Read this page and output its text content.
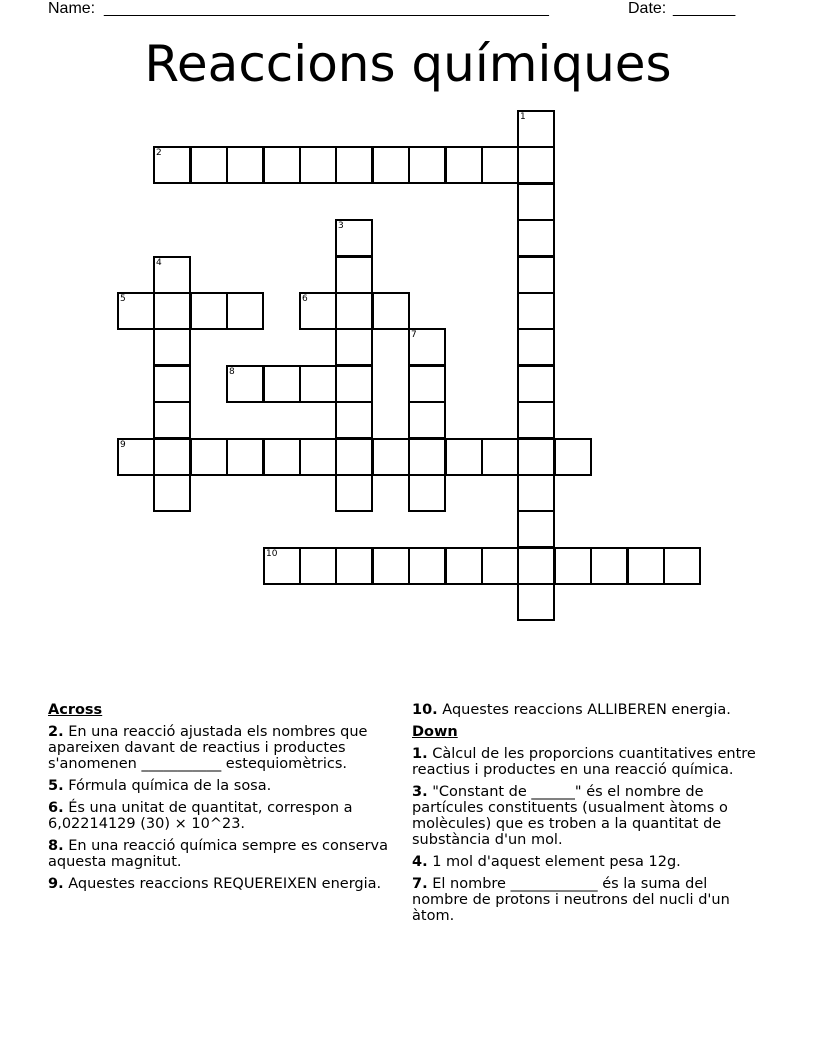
Name: __________________________________________________	Date: _______
Reaccions químiques
1
2
3
4
5	6
7
8
9
10
Across
2. En una reacció ajustada els nombres que apareixen davant de reactius i productes s'anomenen ___________ estequiomètrics.
5. Fórmula química de la sosa.
6. És una unitat de quantitat, correspon a 6,02214129 (30) × 10^23.
8. En una reacció química sempre es conserva aquesta magnitut.
9. Aquestes reaccions REQUEREIXEN energia.
10. Aquestes reaccions ALLIBEREN energia.
Down
1. Càlcul de les proporcions cuantitatives entre reactius i productes en una reacció química.
3. "Constant de ______" és el nombre de partícules constituents (usualment àtoms o molècules) que es troben a la quantitat de substància d'un mol.
4. 1 mol d'aquest element pesa 12g.
7. El nombre ____________ és la suma del nombre de protons i neutrons del nucli d'un àtom.
